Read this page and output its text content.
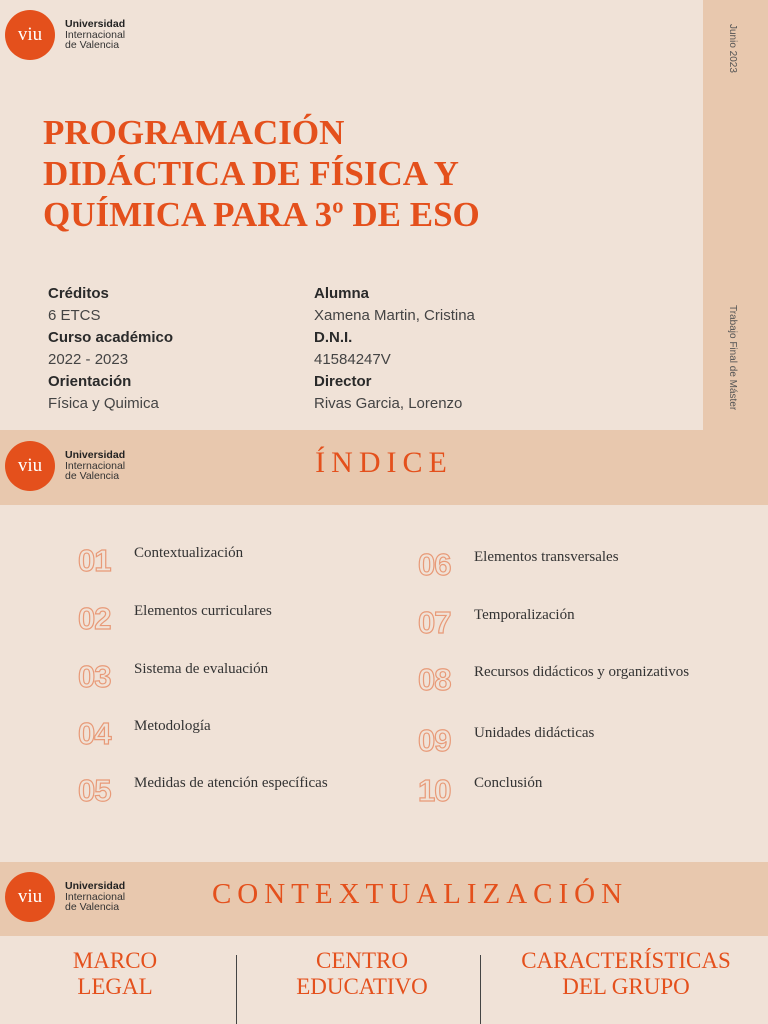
viu	Universidad
Internacional
de Valencia	Junio 2023
Trabajo Final de Máster
PROGRAMACIÓN
DIDÁCTICA DE FÍSICA Y
QUÍMICA PARA 3º DE ESO
Créditos
6 ETCS
Curso académico
2022 - 2023
Orientación
Física y Quimica
Alumna
Xamena Martin, Cristina
D.N.I.
41584247V
Director
Rivas Garcia, Lorenzo
viu	Universidad
Internacional
de Valencia	ÍNDICE
01	Contextualización
02	Elementos curriculares
03	Sistema de evaluación
04	Metodología
05	Medidas de atención específicas
06	Elementos transversales
07	Temporalización
08	Recursos didácticos y organizativos
09	Unidades didácticas
10	Conclusión
viu	Universidad
Internacional
de Valencia	CONTEXTUALIZACIÓN
MARCO
LEGAL
CENTRO
EDUCATIVO
CARACTERÍSTICAS
DEL GRUPO
